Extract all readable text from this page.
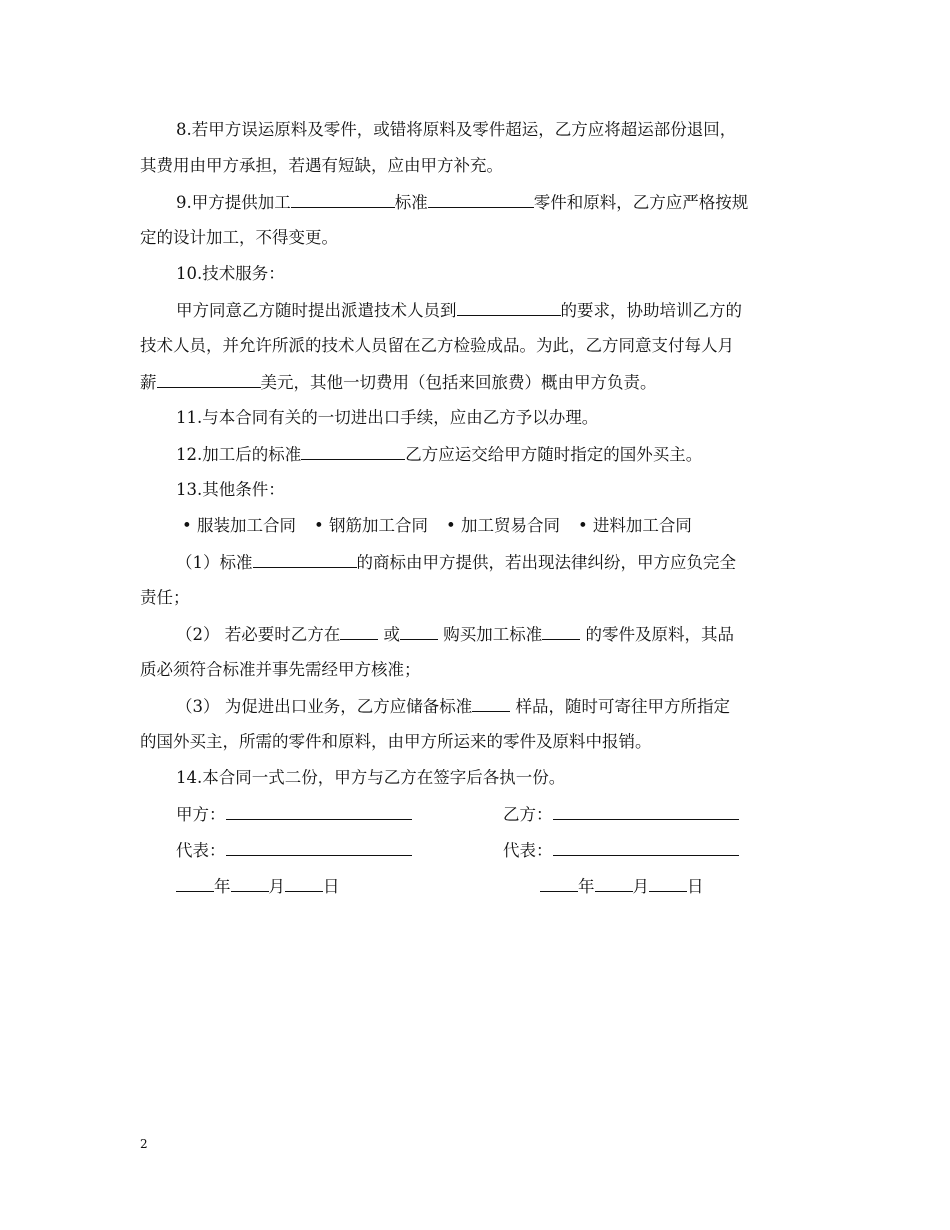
8.若甲方误运原料及零件，或错将原料及零件超运，乙方应将超运部份退回，
其费用由甲方承担，若遇有短缺，应由甲方补充。
9.甲方提供加工	标准	零件和原料，乙方应严格按规
定的设计加工，不得变更。
10.技术服务：
甲方同意乙方随时提出派遣技术人员到	的要求，协助培训乙方的
技术人员，并允许所派的技术人员留在乙方检验成品。为此，乙方同意支付每人月
薪	美元，其他一切费用（包括来回旅费）概由甲方负责。
11.与本合同有关的一切进出口手续，应由乙方予以办理。
12.加工后的标准	乙方应运交给甲方随时指定的国外买主。
13.其他条件：
• 服装加工合同 • 钢筋加工合同 • 加工贸易合同 • 进料加工合同
（1）标准	的商标由甲方提供，若出现法律纠纷，甲方应负完全
责任；
（2） 若必要时乙方在 或 购买加工标准 的零件及原料，其品
质必须符合标准并事先需经甲方核准；
（3） 为促进出口业务，乙方应储备标准 样品，随时可寄往甲方所指定
的国外买主，所需的零件和原料，由甲方所运来的零件及原料中报销。
14.本合同一式二份，甲方与乙方在签字后各执一份。
甲方：	乙方：
代表：	代表：
年 月 日	年 月 日
2
